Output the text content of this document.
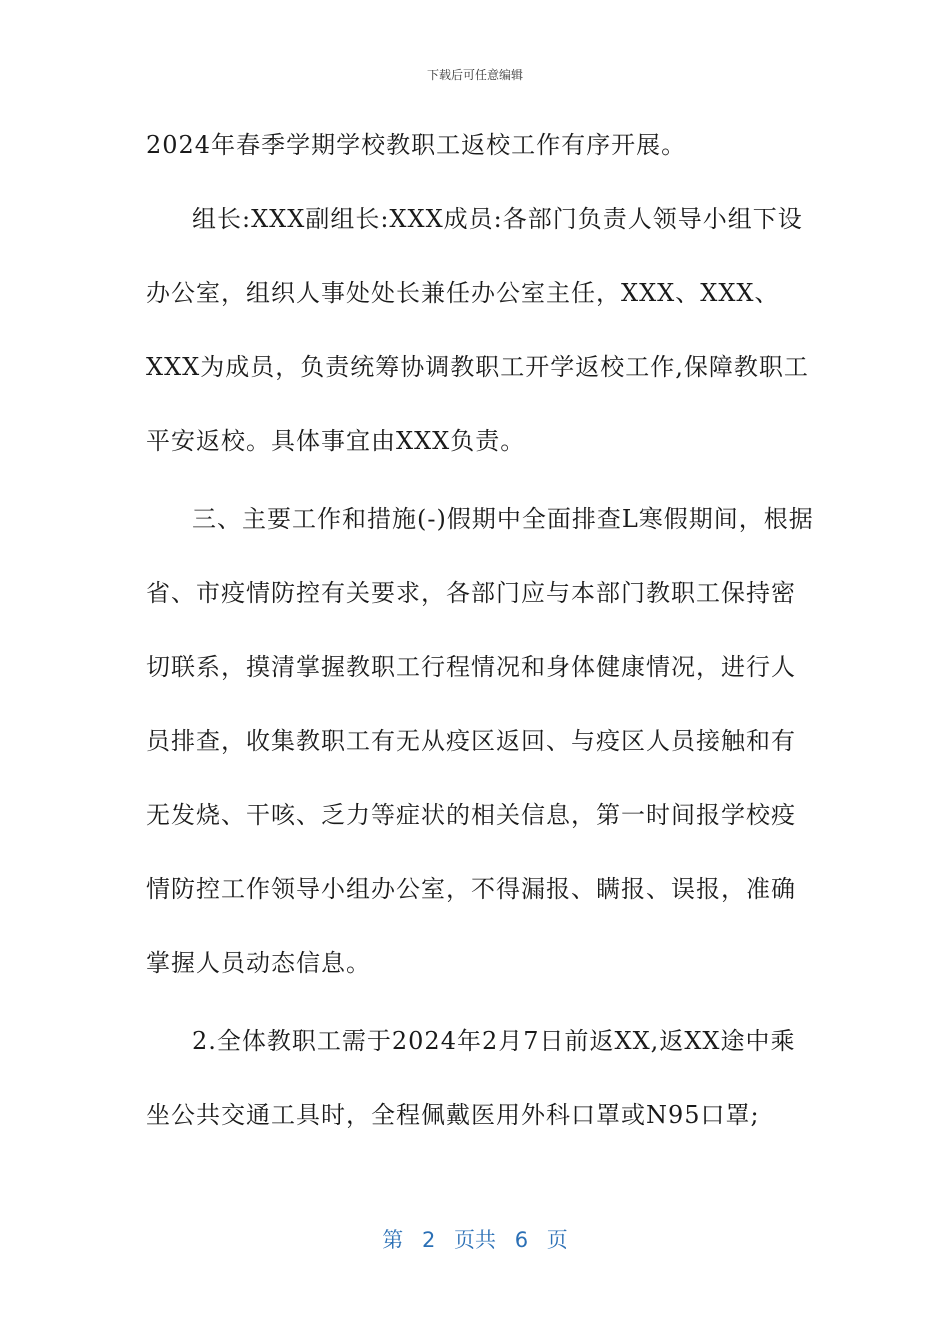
下载后可任意编辑

2024年春季学期学校教职工返校工作有序开展。

组长:XXX副组长:XXX成员:各部门负责人领导小组下设办公室，组织人事处处长兼任办公室主任，XXX、XXX、XXX为成员，负责统筹协调教职工开学返校工作,保障教职工平安返校。具体事宜由XXX负责。

三、主要工作和措施(-)假期中全面排查L寒假期间，根据省、市疫情防控有关要求，各部门应与本部门教职工保持密切联系，摸清掌握教职工行程情况和身体健康情况，进行人员排查，收集教职工有无从疫区返回、与疫区人员接触和有无发烧、干咳、乏力等症状的相关信息，第一时间报学校疫情防控工作领导小组办公室，不得漏报、瞒报、误报，准确掌握人员动态信息。

2.全体教职工需于2024年2月7日前返XX,返XX途中乘坐公共交通工具时，全程佩戴医用外科口罩或N95口罩;

第 2 页共 6 页
